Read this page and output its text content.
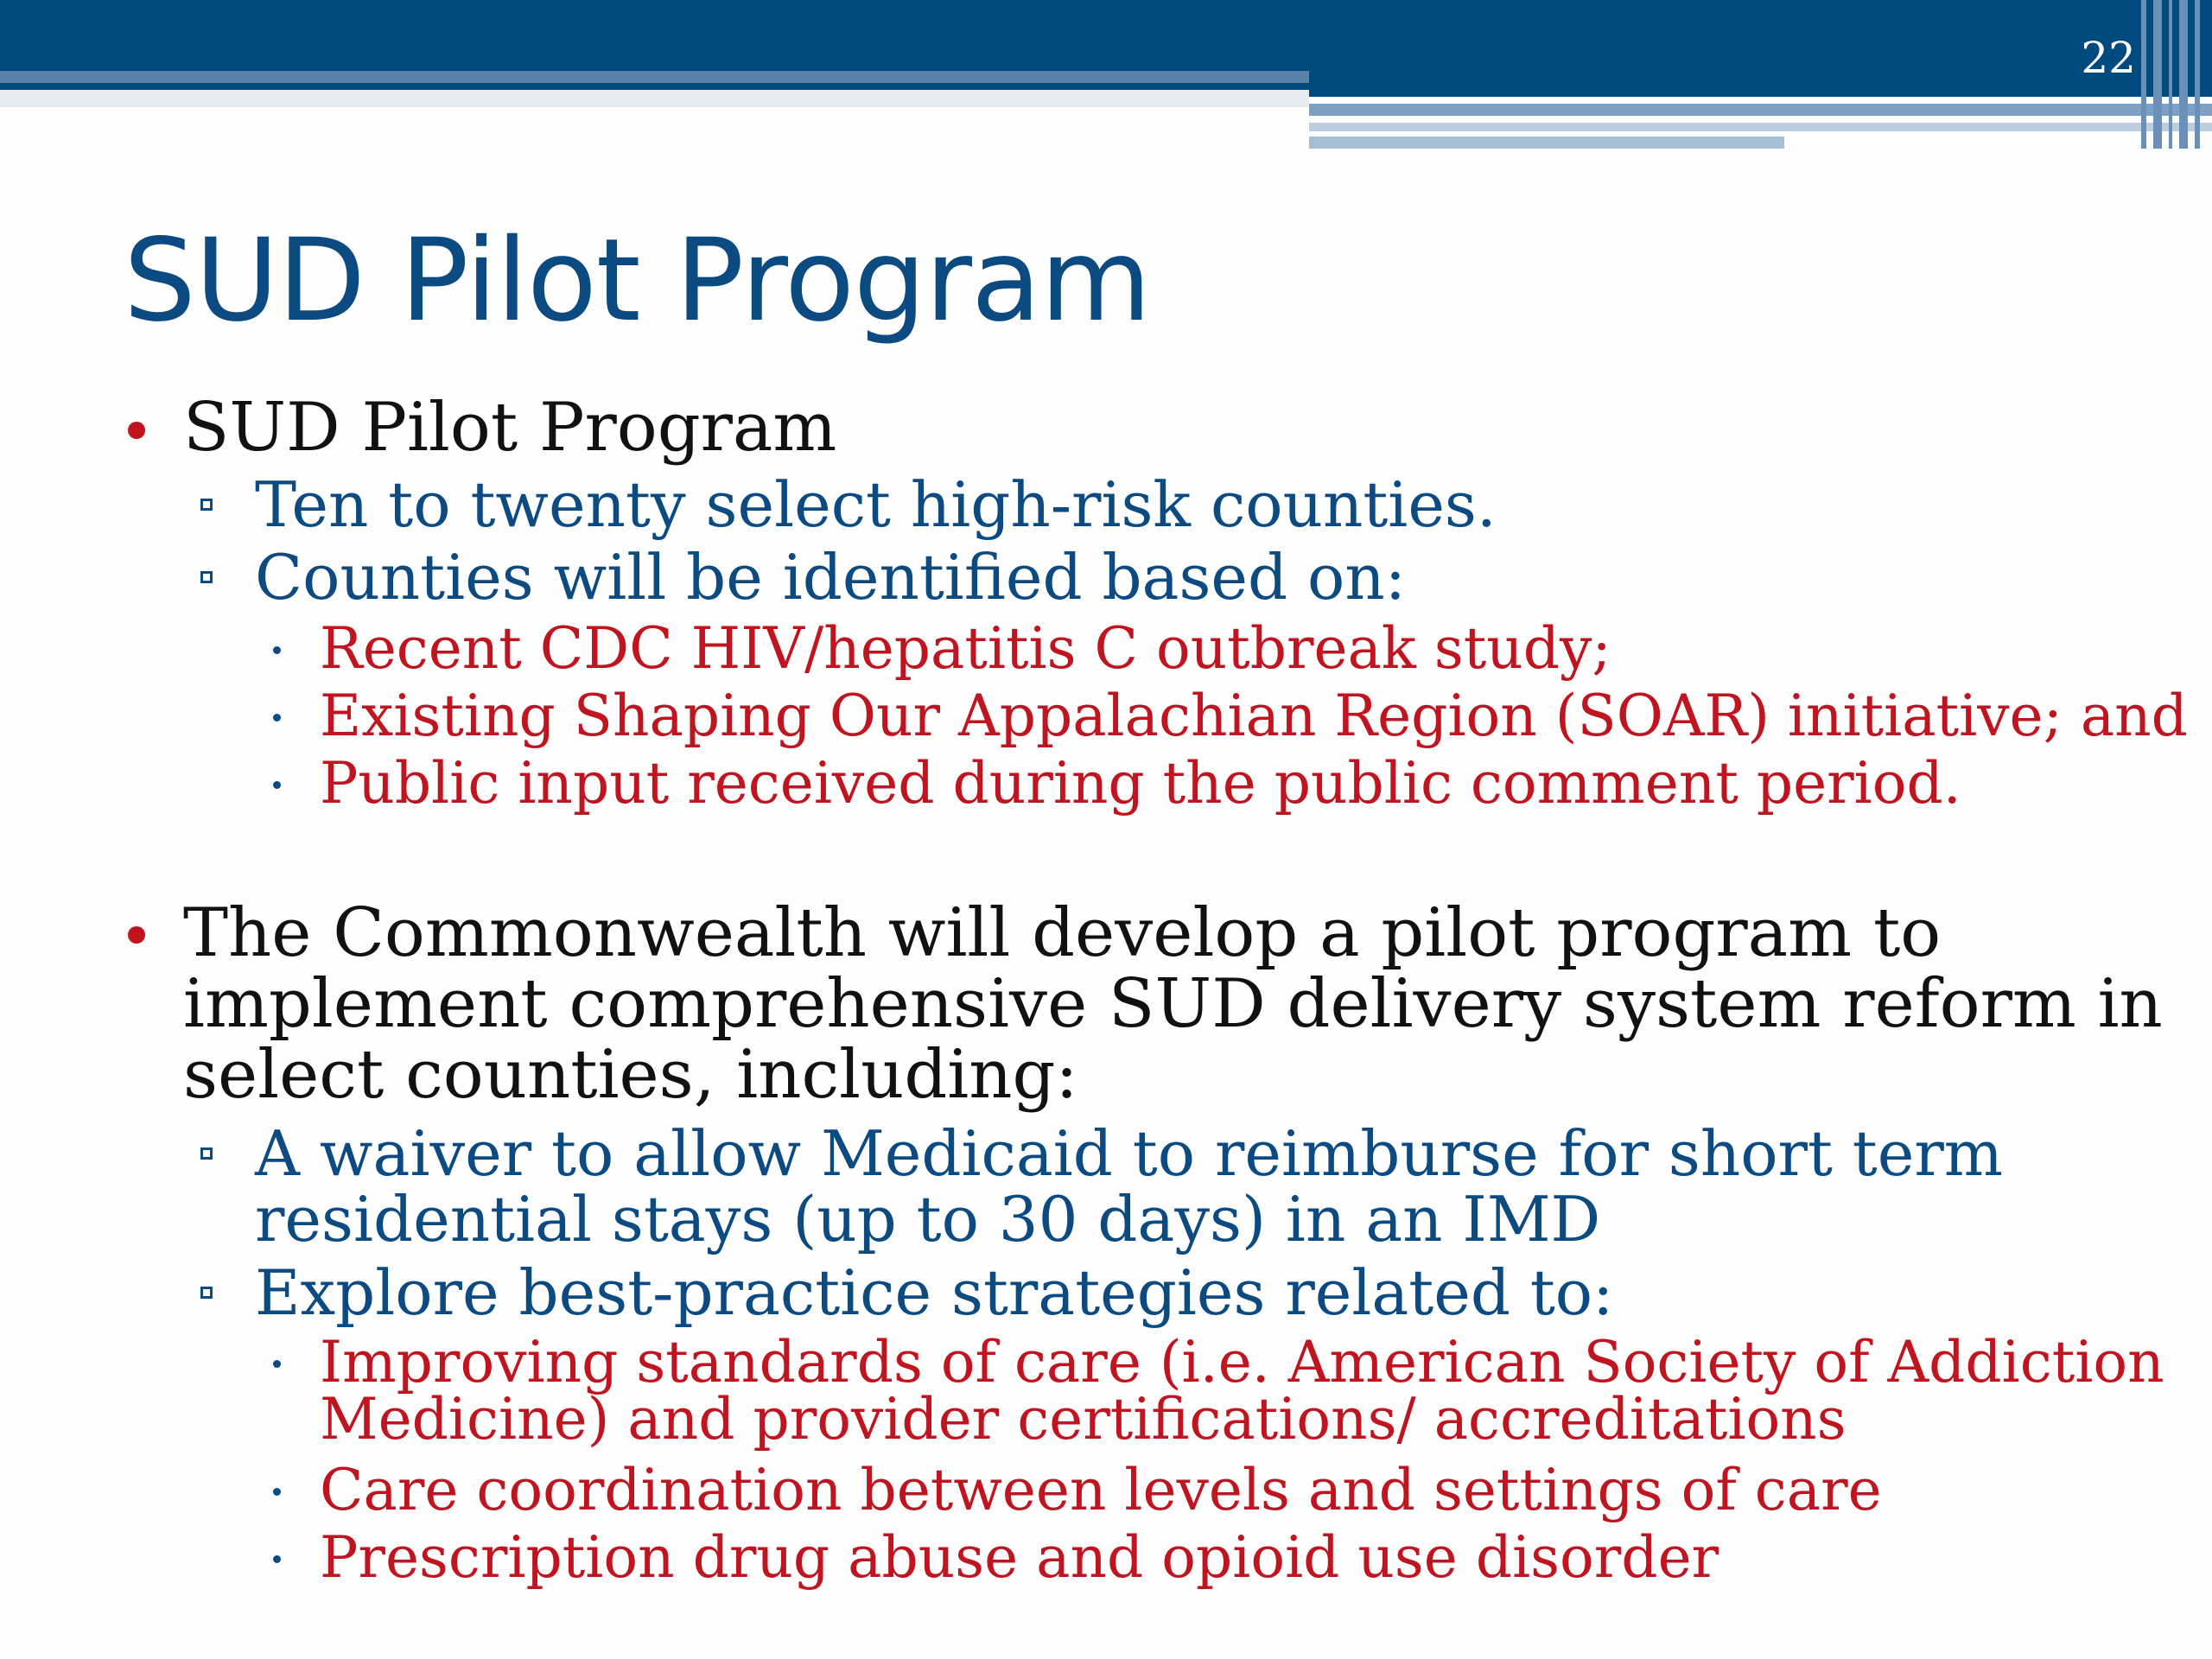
22
SUD Pilot Program
SUD Pilot Program
Ten to twenty select high-risk counties.
Counties will be identified based on:
Recent CDC HIV/hepatitis C outbreak study;
Existing Shaping Our Appalachian Region (SOAR) initiative; and
Public input received during the public comment period.
The Commonwealth will develop a pilot program to
implement comprehensive SUD delivery system reform in
select counties, including:
A waiver to allow Medicaid to reimburse for short term
residential stays (up to 30 days) in an IMD
Explore best-practice strategies related to:
Improving standards of care (i.e. American Society of Addiction
Medicine) and provider certifications/ accreditations
Care coordination between levels and settings of care
Prescription drug abuse and opioid use disorder
